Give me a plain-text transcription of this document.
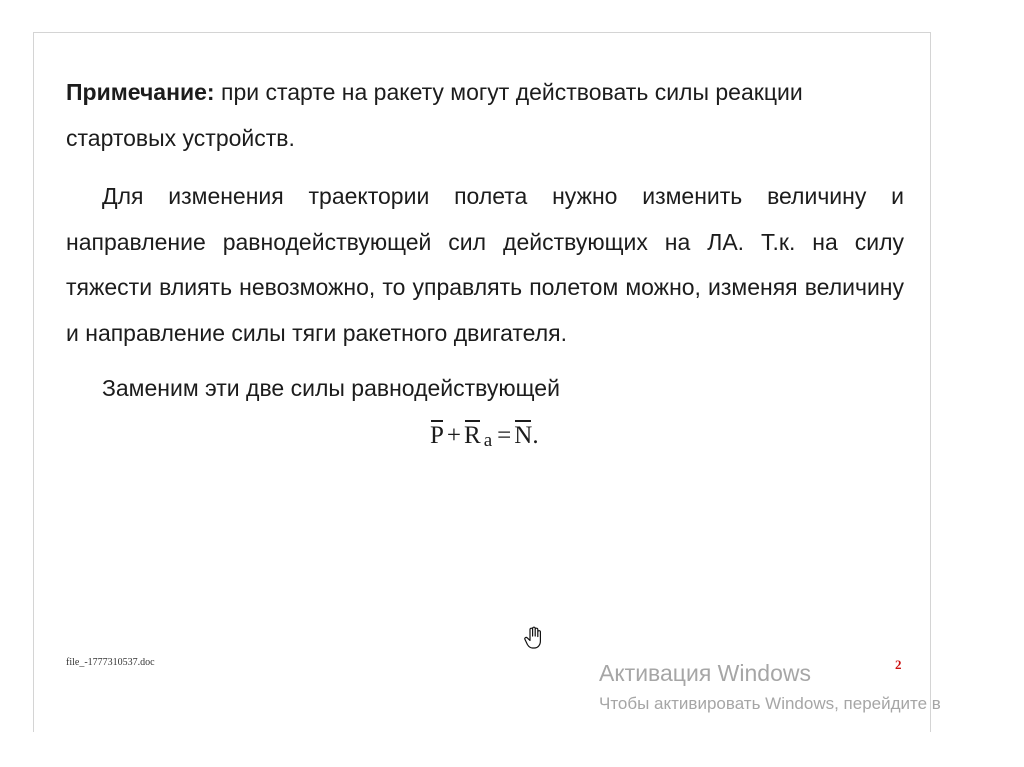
Примечание: при старте на ракету могут действовать силы реакции стартовых устройств.
Для изменения траектории полета нужно изменить величину и направление равнодействующей сил действующих на ЛА. Т.к. на силу тяжести влиять невозможно, то управлять полетом можно, изменяя величину и направление силы тяги ракетного двигателя.
Заменим эти две силы равнодействующей
P + R a = N.
file_-1777310537.doc	2
Активация Windows
Чтобы активировать Windows, перейдите в
